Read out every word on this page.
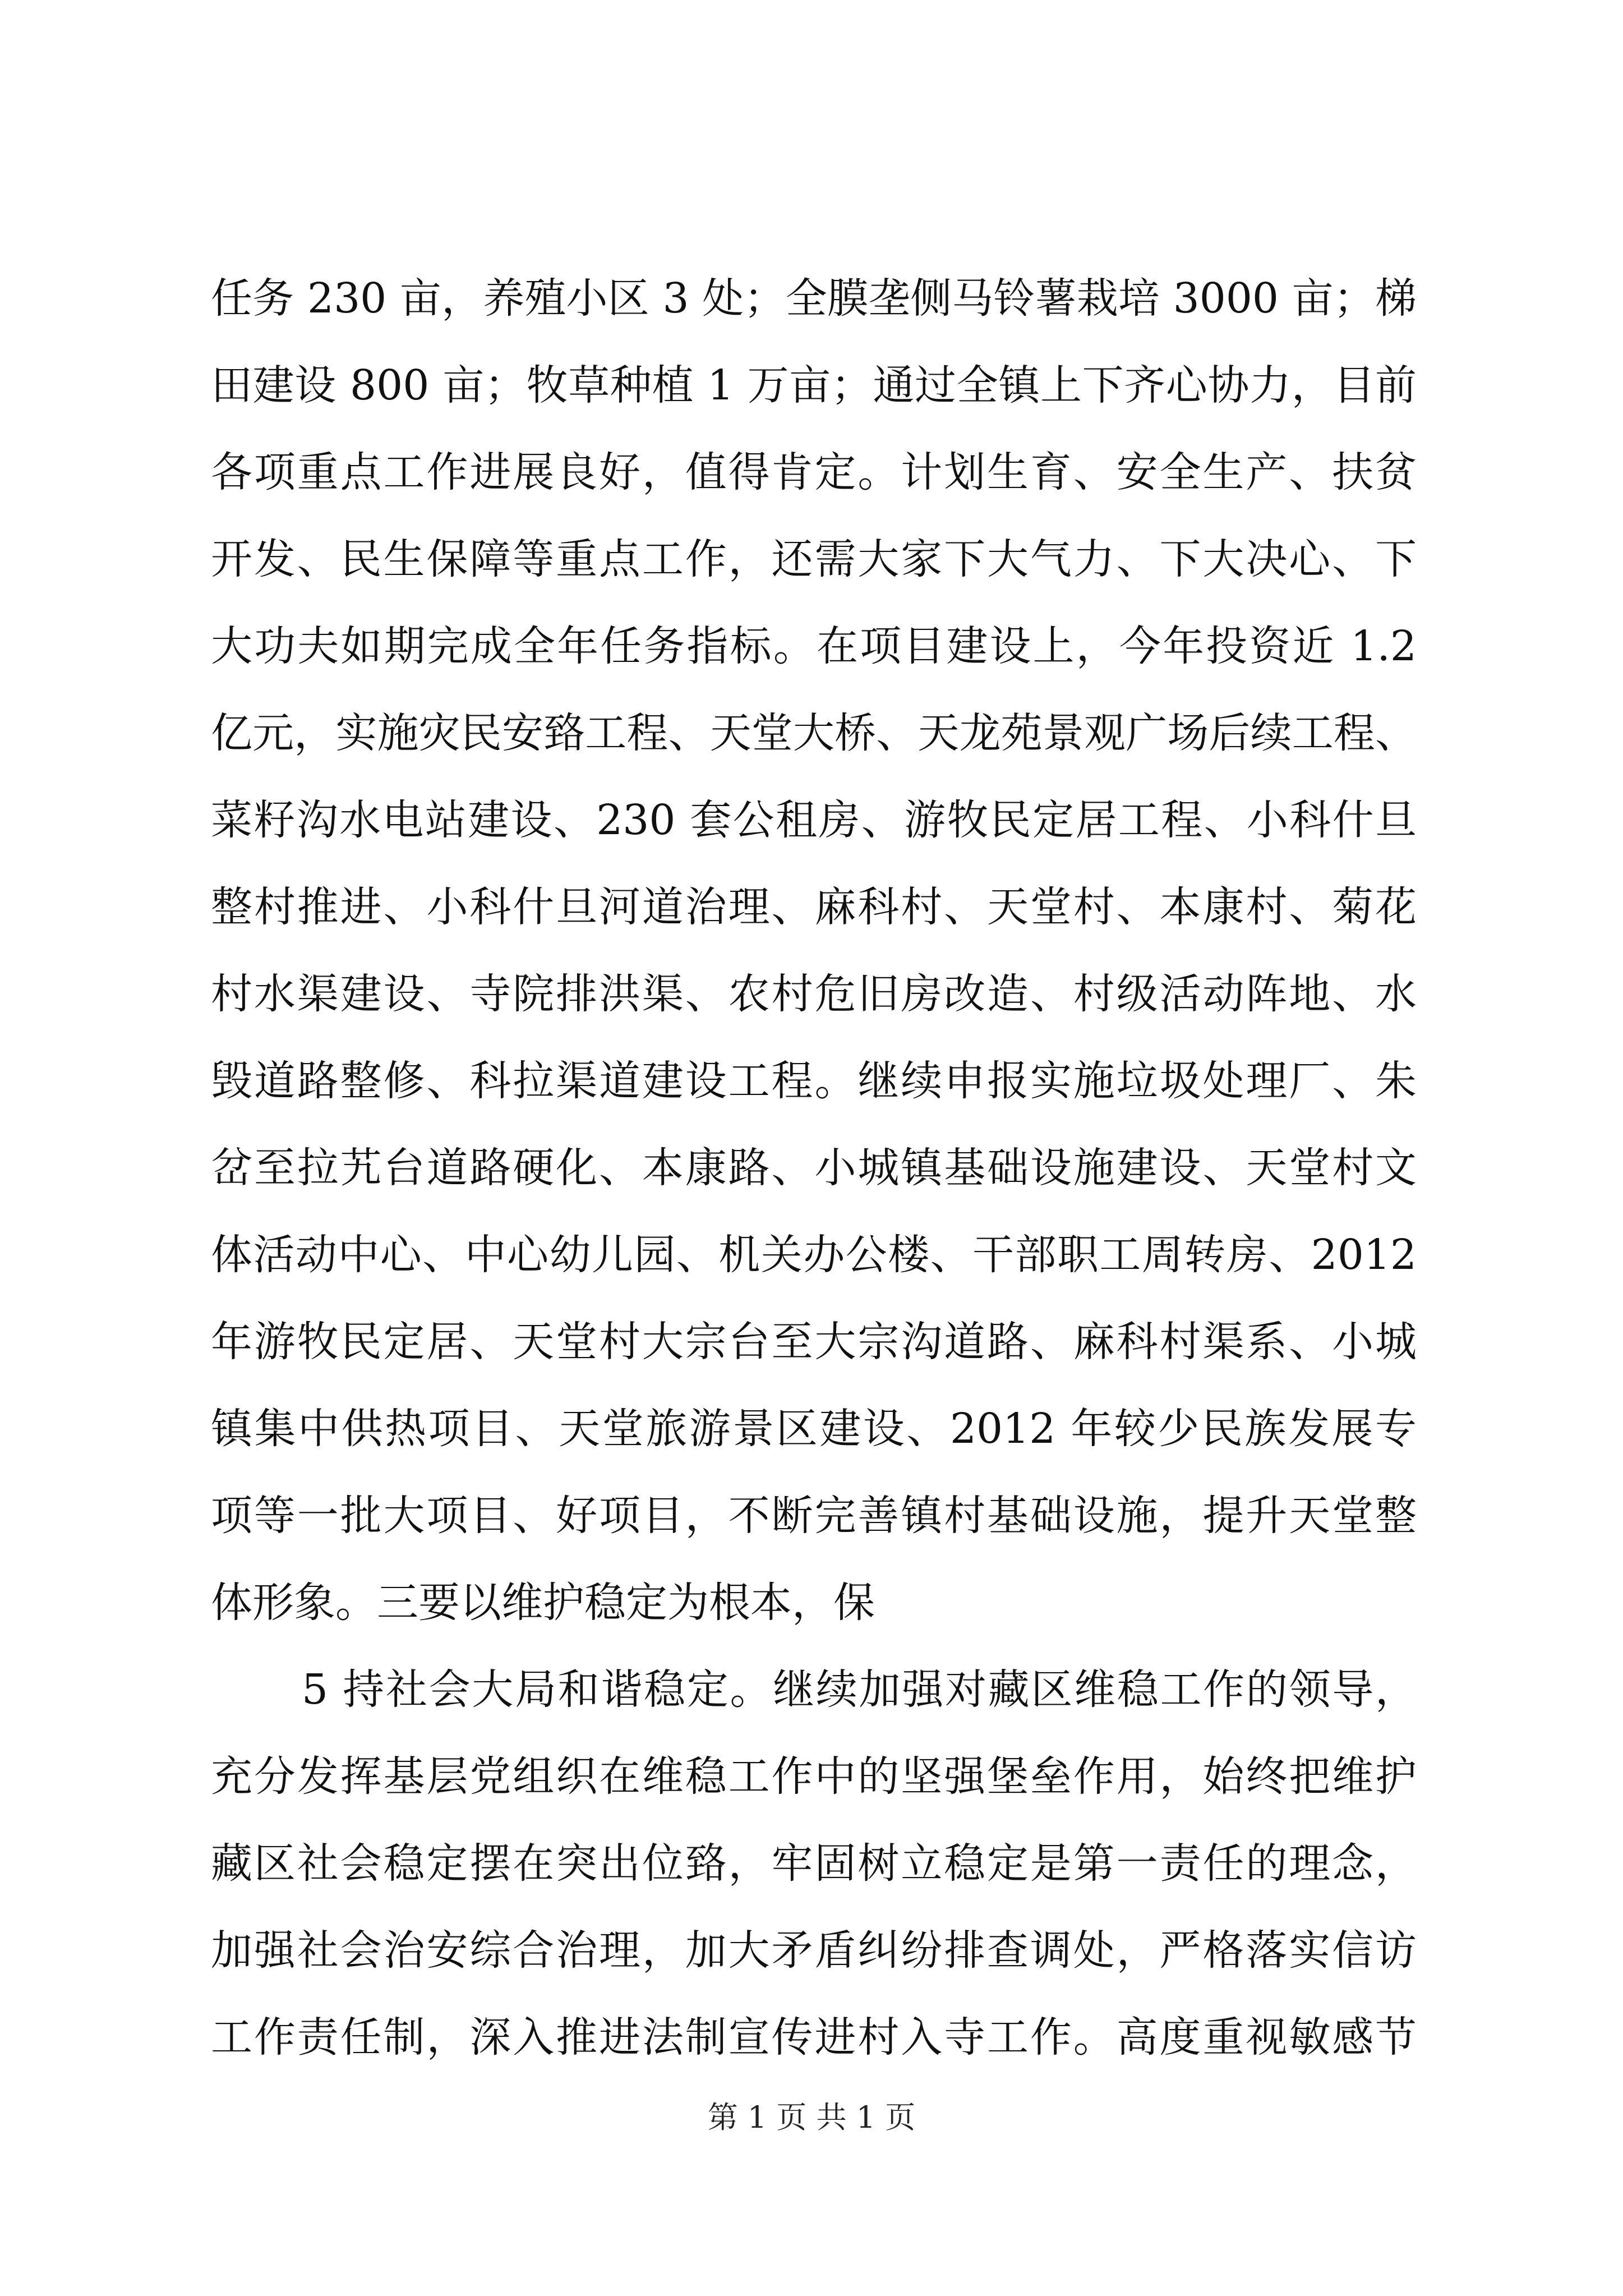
任务 230 亩，养殖小区 3 处；全膜垄侧马铃薯栽培 3000 亩；梯
田建设 800 亩；牧草种植 1 万亩；通过全镇上下齐心协力，目前
各项重点工作进展良好，值得肯定。计划生育、安全生产、扶贫
开发、民生保障等重点工作，还需大家下大气力、下大决心、下
大功夫如期完成全年任务指标。在项目建设上，今年投资近 1.2
亿元，实施灾民安臵工程、天堂大桥、天龙苑景观广场后续工程、
菜籽沟水电站建设、230 套公租房、游牧民定居工程、小科什旦
整村推进、小科什旦河道治理、麻科村、天堂村、本康村、菊花
村水渠建设、寺院排洪渠、农村危旧房改造、村级活动阵地、水
毁道路整修、科拉渠道建设工程。继续申报实施垃圾处理厂、朱
岔至拉艽台道路硬化、本康路、小城镇基础设施建设、天堂村文
体活动中心、中心幼儿园、机关办公楼、干部职工周转房、2012
年游牧民定居、天堂村大宗台至大宗沟道路、麻科村渠系、小城
镇集中供热项目、天堂旅游景区建设、2012 年较少民族发展专
项等一批大项目、好项目，不断完善镇村基础设施，提升天堂整
体形象。三要以维护稳定为根本，保
5 持社会大局和谐稳定。继续加强对藏区维稳工作的领导，
充分发挥基层党组织在维稳工作中的坚强堡垒作用，始终把维护
藏区社会稳定摆在突出位臵，牢固树立稳定是第一责任的理念，
加强社会治安综合治理，加大矛盾纠纷排查调处，严格落实信访
工作责任制，深入推进法制宣传进村入寺工作。高度重视敏感节
第 1 页 共 1 页
